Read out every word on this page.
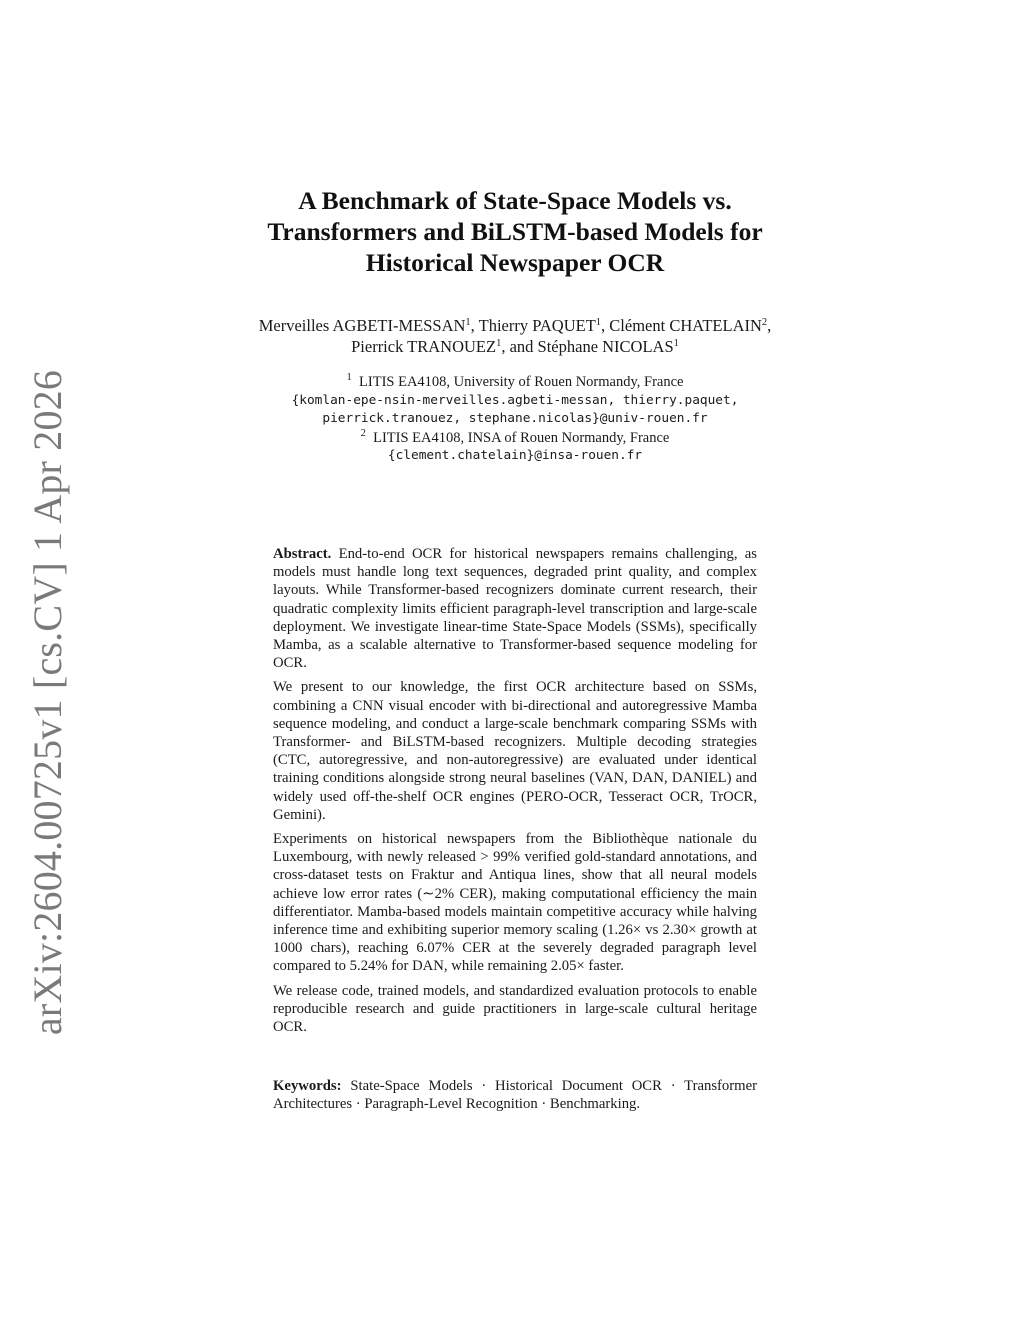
arXiv:2604.00725v1 [cs.CV] 1 Apr 2026
A Benchmark of State-Space Models vs.
Transformers and BiLSTM-based Models for
Historical Newspaper OCR
Merveilles AGBETI-MESSAN$^1$, Thierry PAQUET$^1$, Clément CHATELAIN$^2$,
Pierrick TRANOUEZ$^1$, and Stéphane NICOLAS$^1$
$^1$ LITIS EA4108, University of Rouen Normandy, France
{komlan-epe-nsin-merveilles.agbeti-messan, thierry.paquet,
pierrick.tranouez, stephane.nicolas}@univ-rouen.fr
$^2$ LITIS EA4108, INSA of Rouen Normandy, France
{clement.chatelain}@insa-rouen.fr

Abstract. End-to-end OCR for historical newspapers remains challenging, as models must handle long text sequences, degraded print quality, and complex layouts. While Transformer-based recognizers dominate current research, their quadratic complexity limits efficient paragraph-level transcription and large-scale deployment. We investigate linear-time State-Space Models (SSMs), specifically Mamba, as a scalable alternative to Transformer-based sequence modeling for OCR.

We present to our knowledge, the first OCR architecture based on SSMs, combining a CNN visual encoder with bi-directional and autoregressive Mamba sequence modeling, and conduct a large-scale benchmark comparing SSMs with Transformer- and BiLSTM-based recognizers. Multiple decoding strategies (CTC, autoregressive, and non-autoregressive) are evaluated under identical training conditions alongside strong neural baselines (VAN, DAN, DANIEL) and widely used off-the-shelf OCR engines (PERO-OCR, Tesseract OCR, TrOCR, Gemini).

Experiments on historical newspapers from the Bibliothèque nationale du Luxembourg, with newly released > 99% verified gold-standard annotations, and cross-dataset tests on Fraktur and Antiqua lines, show that all neural models achieve low error rates (∼2% CER), making computational efficiency the main differentiator. Mamba-based models maintain competitive accuracy while halving inference time and exhibiting superior memory scaling (1.26× vs 2.30× growth at 1000 chars), reaching 6.07% CER at the severely degraded paragraph level compared to 5.24% for DAN, while remaining 2.05× faster.

We release code, trained models, and standardized evaluation protocols to enable reproducible research and guide practitioners in large-scale cultural heritage OCR.

Keywords: State-Space Models · Historical Document OCR · Transformer Architectures · Paragraph-Level Recognition · Benchmarking.
